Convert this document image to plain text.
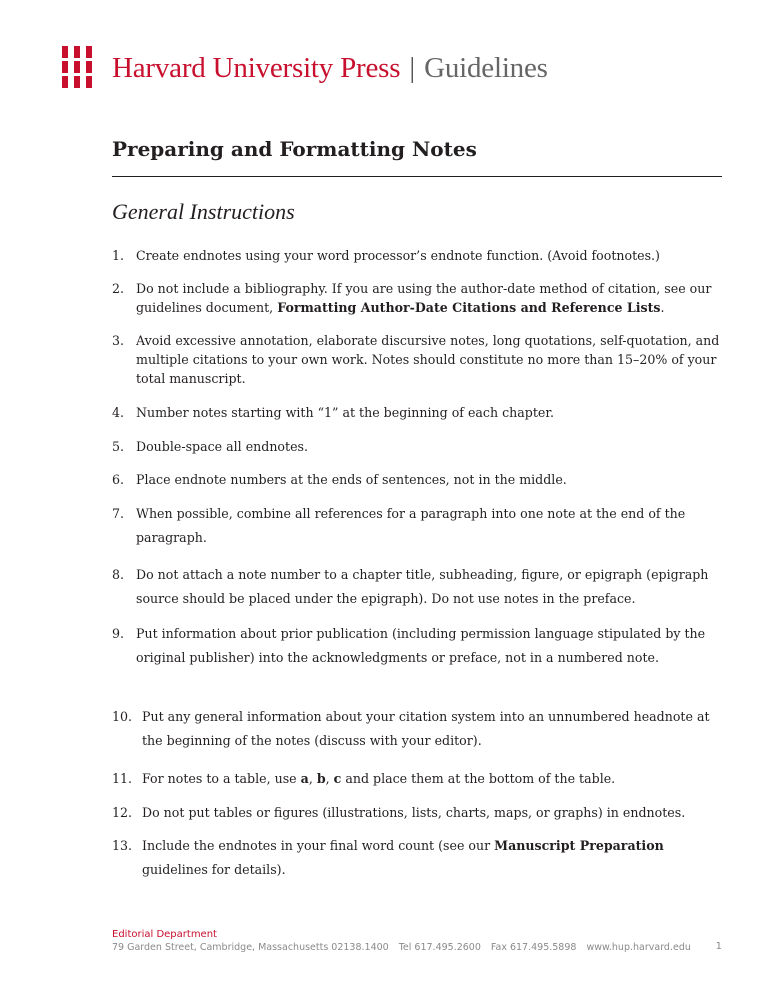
Harvard University Press | Guidelines
Preparing and Formatting Notes
General Instructions
1. Create endnotes using your word processor’s endnote function. (Avoid footnotes.)
2. Do not include a bibliography. If you are using the author-date method of citation, see our guidelines document, Formatting Author-Date Citations and Reference Lists.
3. Avoid excessive annotation, elaborate discursive notes, long quotations, self-quotation, and multiple citations to your own work. Notes should constitute no more than 15–20% of your total manuscript.
4. Number notes starting with “1” at the beginning of each chapter.
5. Double-space all endnotes.
6. Place endnote numbers at the ends of sentences, not in the middle.
7. When possible, combine all references for a paragraph into one note at the end of the paragraph.
8. Do not attach a note number to a chapter title, subheading, figure, or epigraph (epigraph source should be placed under the epigraph). Do not use notes in the preface.
9. Put information about prior publication (including permission language stipulated by the original publisher) into the acknowledgments or preface, not in a numbered note.
10. Put any general information about your citation system into an unnumbered headnote at the beginning of the notes (discuss with your editor).
11. For notes to a table, use a, b, c and place them at the bottom of the table.
12. Do not put tables or figures (illustrations, lists, charts, maps, or graphs) in endnotes.
13. Include the endnotes in your final word count (see our Manuscript Preparation guidelines for details).
Editorial Department
79 Garden Street, Cambridge, Massachusetts 02138.1400 Tel 617.495.2600 Fax 617.495.5898 www.hup.harvard.edu	1
